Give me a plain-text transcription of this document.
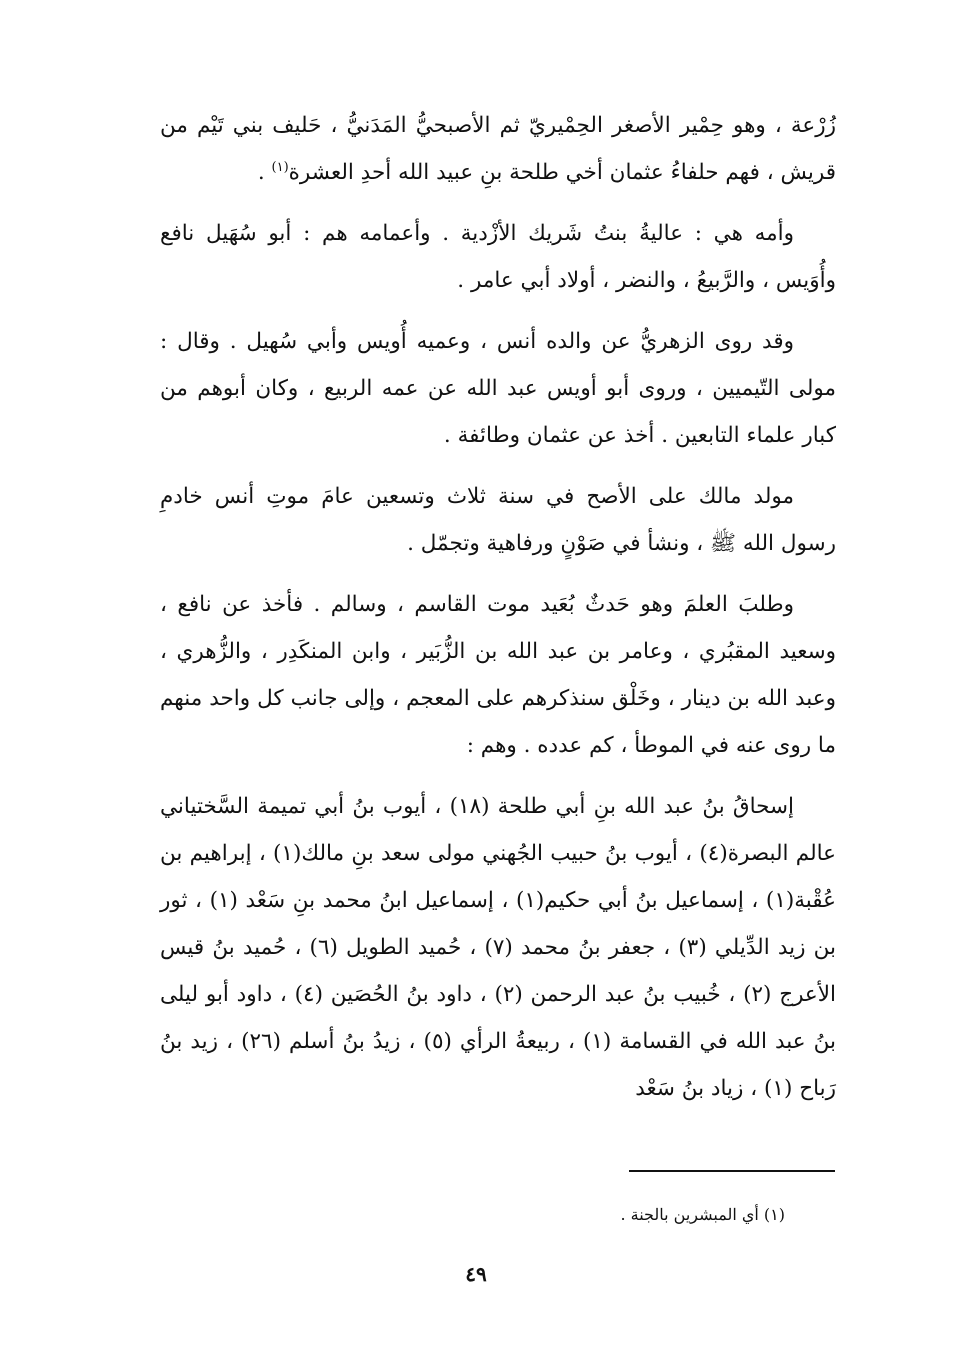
زُرْعة ، وهو حِمْير الأصغر الحِمْيريّ ثم الأصبحيُّ المَدَنيُّ ، حَليف بني تَيْم من قريش ، فهم حلفاءُ عثمان أخي طلحة بنِ عبيد الله أحدِ العشرة$^{(١)}$ .

وأمه هي : عاليةُ بنتُ شَريك الأزْدية . وأعمامه هم : أبو سُهَيل نافع وأُوَيس ، والرَّبيعُ ، والنضر ، أولاد أبي عامر .

وقد روى الزهريُّ عن والده أنس ، وعميه أُويس وأبي سُهيل . وقال : مولى التّيميين ، وروى أبو أويس عبد الله عن عمه الربيع ، وكان أبوهم من كبار علماء التابعين . أخذ عن عثمان وطائفة .

مولد مالك على الأصح في سنة ثلاث وتسعين عامَ موتِ أنس خادمِ رسول الله ﷺ ، ونشأ في صَوْنٍ ورفاهية وتجمّل .

وطلبَ العلمَ وهو حَدثٌ بُعَيد موت القاسم ، وسالم . فأخذ عن نافع ، وسعيد المقبُري ، وعامر بن عبد الله بن الزُّبَير ، وابن المنكَدِر ، والزُّهري ، وعبد الله بن دينار ، وخَلْق سنذكرهم على المعجم ، وإلى جانب كل واحد منهم ما روى عنه في الموطأ ، كم عدده . وهم :

إسحاقُ بنُ عبد الله بنِ أبي طلحة (١٨) ، أيوب بنُ أبي تميمة السَّختياني عالم البصرة(٤) ، أيوب بنُ حبيب الجُهني مولى سعد بنِ مالك(١) ، إبراهيم بن عُقْبة(١) ، إسماعيل بنُ أبي حكيم(١) ، إسماعيل ابنُ محمد بنِ سَعْد (١) ، ثور بن زيد الدِّيلي (٣) ، جعفر بنُ محمد (٧) ، حُميد الطويل (٦) ، حُميد بنُ قيس الأعرج (٢) ، خُبيب بنُ عبد الرحمن (٢) ، داود بنُ الحُصَين (٤) ، داود أبو ليلى بنُ عبد الله في القسامة (١) ، ربيعةُ الرأي (٥) ، زيدُ بنُ أسلم (٢٦) ، زيد بنُ رَباح (١) ، زياد بنُ سَعْد

(١) أي المبشرين بالجنة .
٤٩
